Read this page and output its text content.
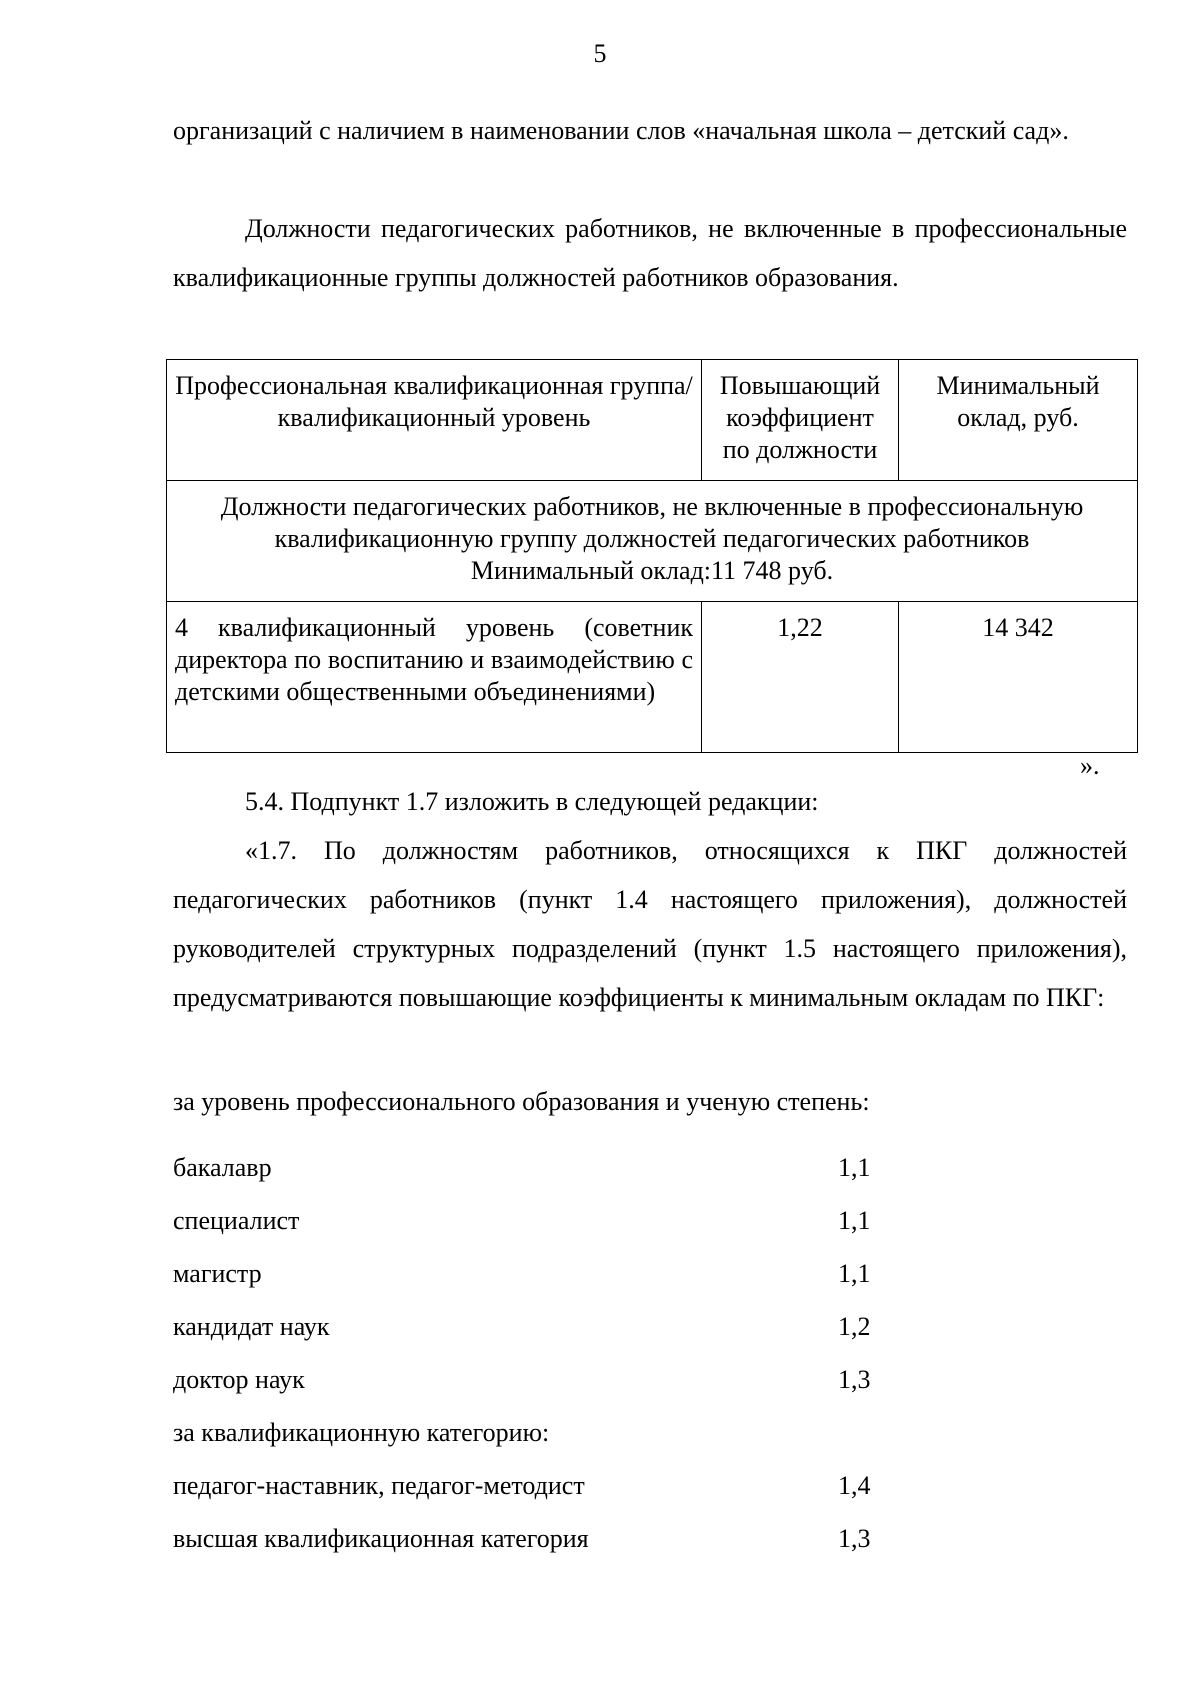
5

организаций с наличием в наименовании слов «начальная школа – детский сад».

Должности педагогических работников, не включенные в профессиональные квалификационные группы должностей работников образования.

Профессиональная квалификационная группа/квалификационный уровень	Повышающий коэффициент по должности	Минимальный оклад, руб.

Должности педагогических работников, не включенные в профессиональную квалификационную группу должностей педагогических работников
Минимальный оклад:11 748 руб.		

4 квалификационный уровень (советник директора по воспитанию и взаимодействию с детскими общественными объединениями)	1,22	14 342
».

5.4. Подпункт 1.7 изложить в следующей редакции:

«1.7. По должностям работников, относящихся к ПКГ должностей педагогических работников (пункт 1.4 настоящего приложения), должностей руководителей структурных подразделений (пункт 1.5 настоящего приложения), предусматриваются повышающие коэффициенты к минимальным окладам по ПКГ:

за уровень профессионального образования и ученую степень:

бакалавр	1,1
специалист	1,1
магистр	1,1
кандидат наук	1,2
доктор наук	1,3
за квалификационную категорию:
педагог-наставник, педагог-методист	1,4
высшая квалификационная категория	1,3
